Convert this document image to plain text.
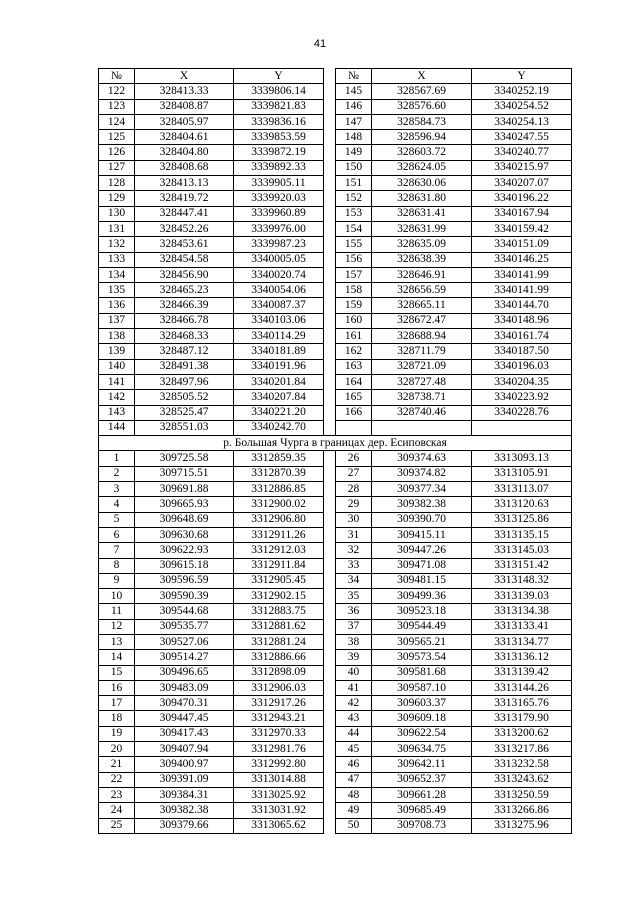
41
№	X	Y		№	X	Y
122	328413.33	3339806.14		145	328567.69	3340252.19
123	328408.87	3339821.83		146	328576.60	3340254.52
124	328405.97	3339836.16		147	328584.73	3340254.13
125	328404.61	3339853.59		148	328596.94	3340247.55
126	328404.80	3339872.19		149	328603.72	3340240.77
127	328408.68	3339892.33		150	328624.05	3340215.97
128	328413.13	3339905.11		151	328630.06	3340207.07
129	328419.72	3339920.03		152	328631.80	3340196.22
130	328447.41	3339960.89		153	328631.41	3340167.94
131	328452.26	3339976.00		154	328631.99	3340159.42
132	328453.61	3339987.23		155	328635.09	3340151.09
133	328454.58	3340005.05		156	328638.39	3340146.25
134	328456.90	3340020.74		157	328646.91	3340141.99
135	328465.23	3340054.06		158	328656.59	3340141.99
136	328466.39	3340087.37		159	328665.11	3340144.70
137	328466.78	3340103.06		160	328672.47	3340148.96
138	328468.33	3340114.29		161	328688.94	3340161.74
139	328487.12	3340181.89		162	328711.79	3340187.50
140	328491.38	3340191.96		163	328721.09	3340196.03
141	328497.96	3340201.84		164	328727.48	3340204.35
142	328505.52	3340207.84		165	328738.71	3340223.92
143	328525.47	3340221.20		166	328740.46	3340228.76
144	328551.03	3340242.70				
р. Большая Чурга в границах дер. Есиповская						
1	309725.58	3312859.35		26	309374.63	3313093.13
2	309715.51	3312870.39		27	309374.82	3313105.91
3	309691.88	3312886.85		28	309377.34	3313113.07
4	309665.93	3312900.02		29	309382.38	3313120.63
5	309648.69	3312906.80		30	309390.70	3313125.86
6	309630.68	3312911.26		31	309415.11	3313135.15
7	309622.93	3312912.03		32	309447.26	3313145.03
8	309615.18	3312911.84		33	309471.08	3313151.42
9	309596.59	3312905.45		34	309481.15	3313148.32
10	309590.39	3312902.15		35	309499.36	3313139.03
11	309544.68	3312883.75		36	309523.18	3313134.38
12	309535.77	3312881.62		37	309544.49	3313133.41
13	309527.06	3312881.24		38	309565.21	3313134.77
14	309514.27	3312886.66		39	309573.54	3313136.12
15	309496.65	3312898.09		40	309581.68	3313139.42
16	309483.09	3312906.03		41	309587.10	3313144.26
17	309470.31	3312917.26		42	309603.37	3313165.76
18	309447.45	3312943.21		43	309609.18	3313179.90
19	309417.43	3312970.33		44	309622.54	3313200.62
20	309407.94	3312981.76		45	309634.75	3313217.86
21	309400.97	3312992.80		46	309642.11	3313232.58
22	309391.09	3313014.88		47	309652.37	3313243.62
23	309384.31	3313025.92		48	309661.28	3313250.59
24	309382.38	3313031.92		49	309685.49	3313266.86
25	309379.66	3313065.62		50	309708.73	3313275.96
